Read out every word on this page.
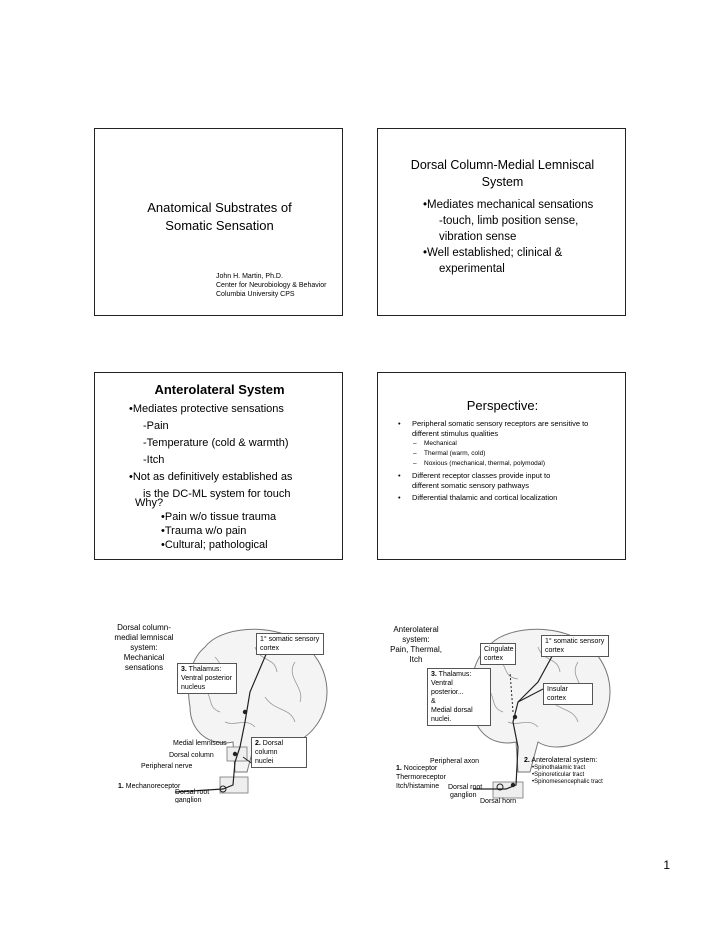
Anatomical Substrates of
Somatic Sensation
John H. Martin, Ph.D.
Center for Neurobiology & Behavior
Columbia University CPS
Dorsal Column-Medial Lemniscal
System
•Mediates mechanical sensations
-touch, limb position sense,
vibration sense
•Well established; clinical &
experimental
Anterolateral System
•Mediates protective sensations
-Pain
-Temperature (cold & warmth)
-Itch
•Not as definitively established as
is the DC-ML system for touch
Why?
•Pain w/o tissue trauma
•Trauma w/o pain
•Cultural; pathological
Perspective:
• Peripheral somatic sensory receptors are sensitive to
different stimulus qualities
– Mechanical
– Thermal (warm, cold)
– Noxious (mechanical, thermal, polymodal)
• Different receptor classes provide input to
different somatic sensory pathways
• Differential thalamic and cortical localization
Dorsal column-
medial lemniscal
system:
Mechanical
sensations
1° somatic sensory
cortex
3. Thalamus:
Ventral posterior
nucleus
Medial lemniscus
Dorsal column
2. Dorsal column
nuclei
Peripheral nerve
1. Mechanoreceptor
Dorsal root
ganglion
Anterolateral
system:
Pain, Thermal,
Itch
1° somatic sensory
cortex
Cingulate
cortex
3. Thalamus:
Ventral posterior...
&
Medial dorsal
nuclei.
Insular cortex
Peripheral axon
1. Nociceptor
Thermoreceptor
Itch/histamine	Dorsal root
ganglion
Dorsal horn
2. Anterolateral system:
•Spinothalamic tract
•Spinoreticular tract
•Spinomesencephalic tract
1
